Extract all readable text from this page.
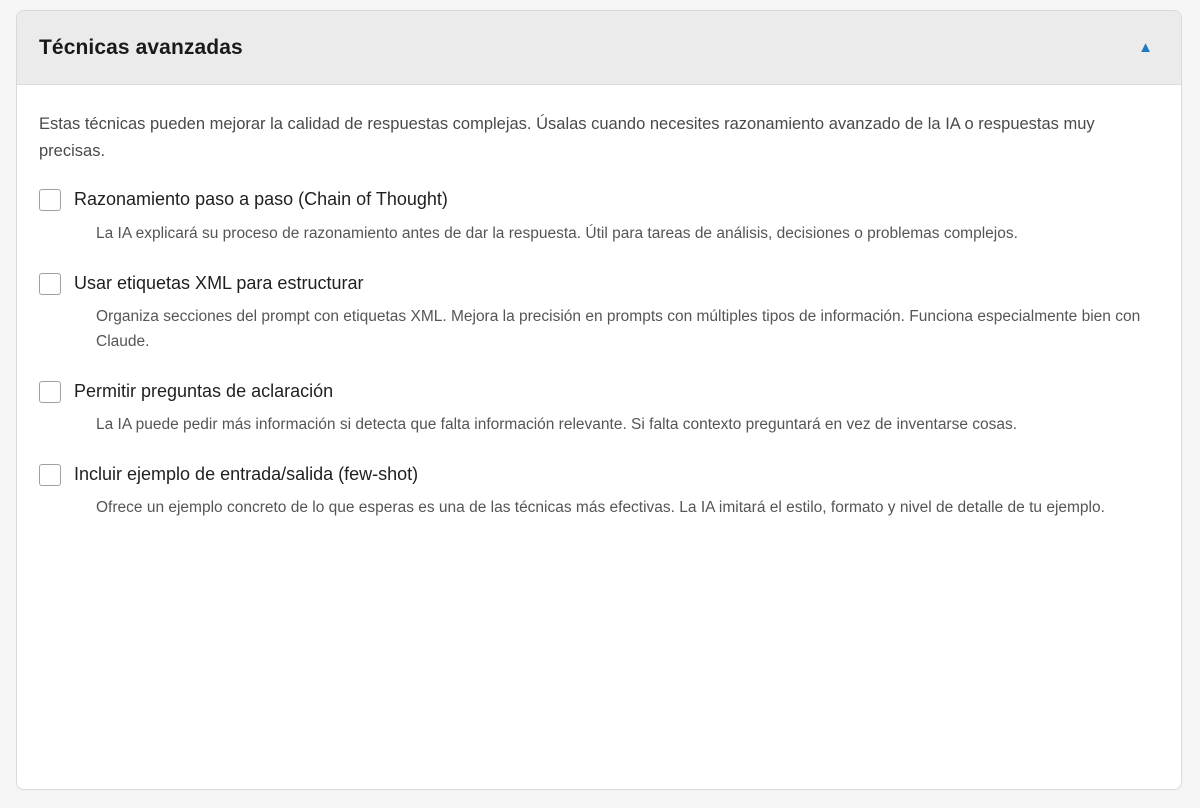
Técnicas avanzadas	▲

Estas técnicas pueden mejorar la calidad de respuestas complejas. Úsalas cuando necesites razonamiento avanzado de la IA o respuestas muy precisas.

Razonamiento paso a paso (Chain of Thought)
La IA explicará su proceso de razonamiento antes de dar la respuesta. Útil para tareas de análisis, decisiones o problemas complejos.
Usar etiquetas XML para estructurar
Organiza secciones del prompt con etiquetas XML. Mejora la precisión en prompts con múltiples tipos de información. Funciona especialmente bien con Claude.
Permitir preguntas de aclaración
La IA puede pedir más información si detecta que falta información relevante. Si falta contexto preguntará en vez de inventarse cosas.
Incluir ejemplo de entrada/salida (few-shot)
Ofrece un ejemplo concreto de lo que esperas es una de las técnicas más efectivas. La IA imitará el estilo, formato y nivel de detalle de tu ejemplo.
